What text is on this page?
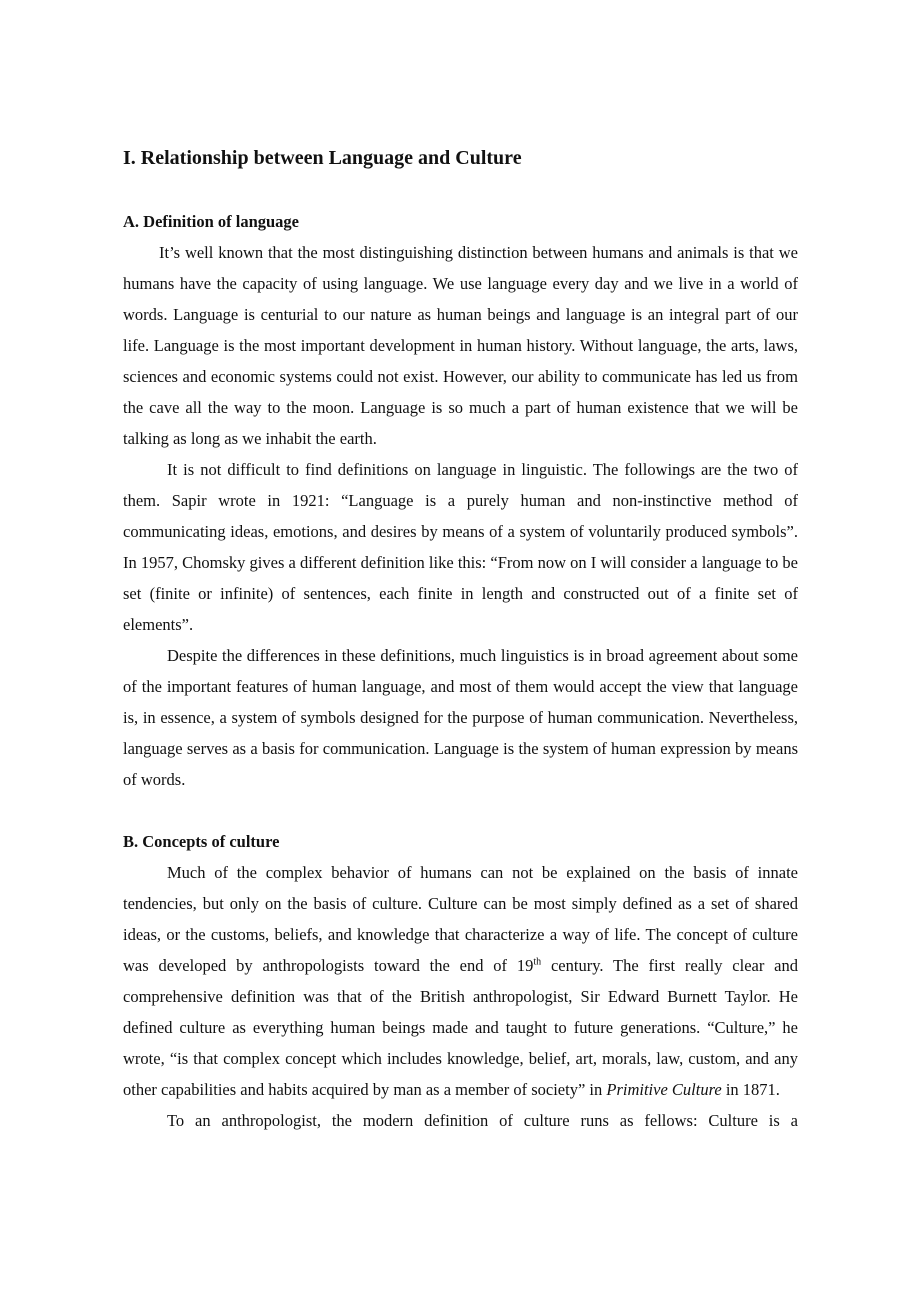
I. Relationship between Language and Culture
A. Definition of language

It’s well known that the most distinguishing distinction between humans and animals is that we humans have the capacity of using language. We use language every day and we live in a world of words. Language is centurial to our nature as human beings and language is an integral part of our life. Language is the most important development in human history. Without language, the arts, laws, sciences and economic systems could not exist. However, our ability to communicate has led us from the cave all the way to the moon. Language is so much a part of human existence that we will be talking as long as we inhabit the earth.

It is not difficult to find definitions on language in linguistic. The followings are the two of them. Sapir wrote in 1921: “Language is a purely human and non-instinctive method of communicating ideas, emotions, and desires by means of a system of voluntarily produced symbols”. In 1957, Chomsky gives a different definition like this: “From now on I will consider a language to be set (finite or infinite) of sentences, each finite in length and constructed out of a finite set of elements”.

Despite the differences in these definitions, much linguistics is in broad agreement about some of the important features of human language, and most of them would accept the view that language is, in essence, a system of symbols designed for the purpose of human communication. Nevertheless, language serves as a basis for communication. Language is the system of human expression by means of words.

B. Concepts of culture

Much of the complex behavior of humans can not be explained on the basis of innate tendencies, but only on the basis of culture. Culture can be most simply defined as a set of shared ideas, or the customs, beliefs, and knowledge that characterize a way of life. The concept of culture was developed by anthropologists toward the end of 19th century. The first really clear and comprehensive definition was that of the British anthropologist, Sir Edward Burnett Taylor. He defined culture as everything human beings made and taught to future generations. “Culture,” he wrote, “is that complex concept which includes knowledge, belief, art, morals, law, custom, and any other capabilities and habits acquired by man as a member of society” in Primitive Culture in 1871.

To an anthropologist, the modern definition of culture runs as fellows: Culture is a
